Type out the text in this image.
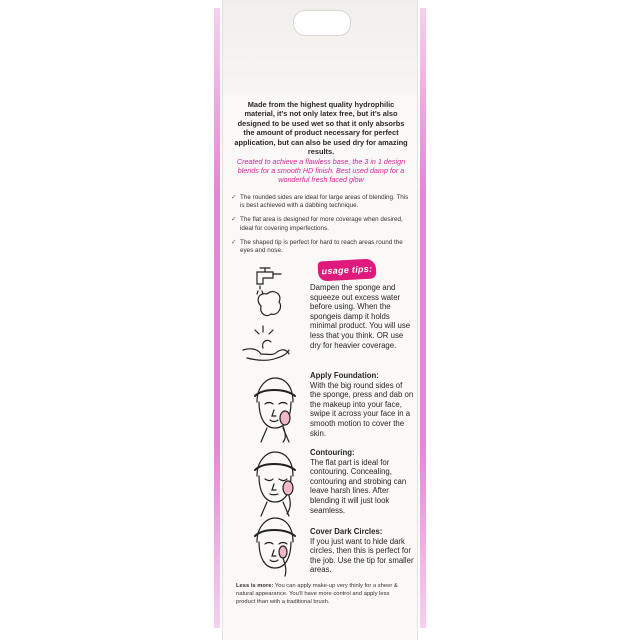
Made from the highest quality hydrophilic material, it’s not only latex free, but it’s also designed to be used wet so that it only absorbs the amount of product necessary for perfect application, but can also be used dry for amazing results.
Created to achieve a flawless base, the 3 in 1 design blends for a smooth HD finish. Best used damp for a wonderful fresh faced glow
✓ The rounded sides are ideal for large areas of blending. This is best achieved with a dabbing technique.
✓ The flat area is designed for more coverage when desired, ideal for covering imperfections.
✓ The shaped tip is perfect for hard to reach areas round the eyes and nose.
usage tips:
Dampen the sponge and squeeze out excess water before using. When the spongeis damp it holds minimal product. You will use less that you think. OR use dry for heavier coverage.
Apply Foundation:
With the big round sides of the sponge, press and dab on the makeup into your face, swipe it across your face in a smooth motion to cover the skin.
Contouring:
The flat part is ideal for contouring. Concealing, contouring and strobing can leave harsh lines. After blending it will just look seamless.
Cover Dark Circles:
If you just want to hide dark circles, then this is perfect for the job. Use the tip for smaller areas.
Less is more: You can apply make-up very thinly for a sheer & natural appearance. You’ll have more control and apply less product than with a traditional brush.
